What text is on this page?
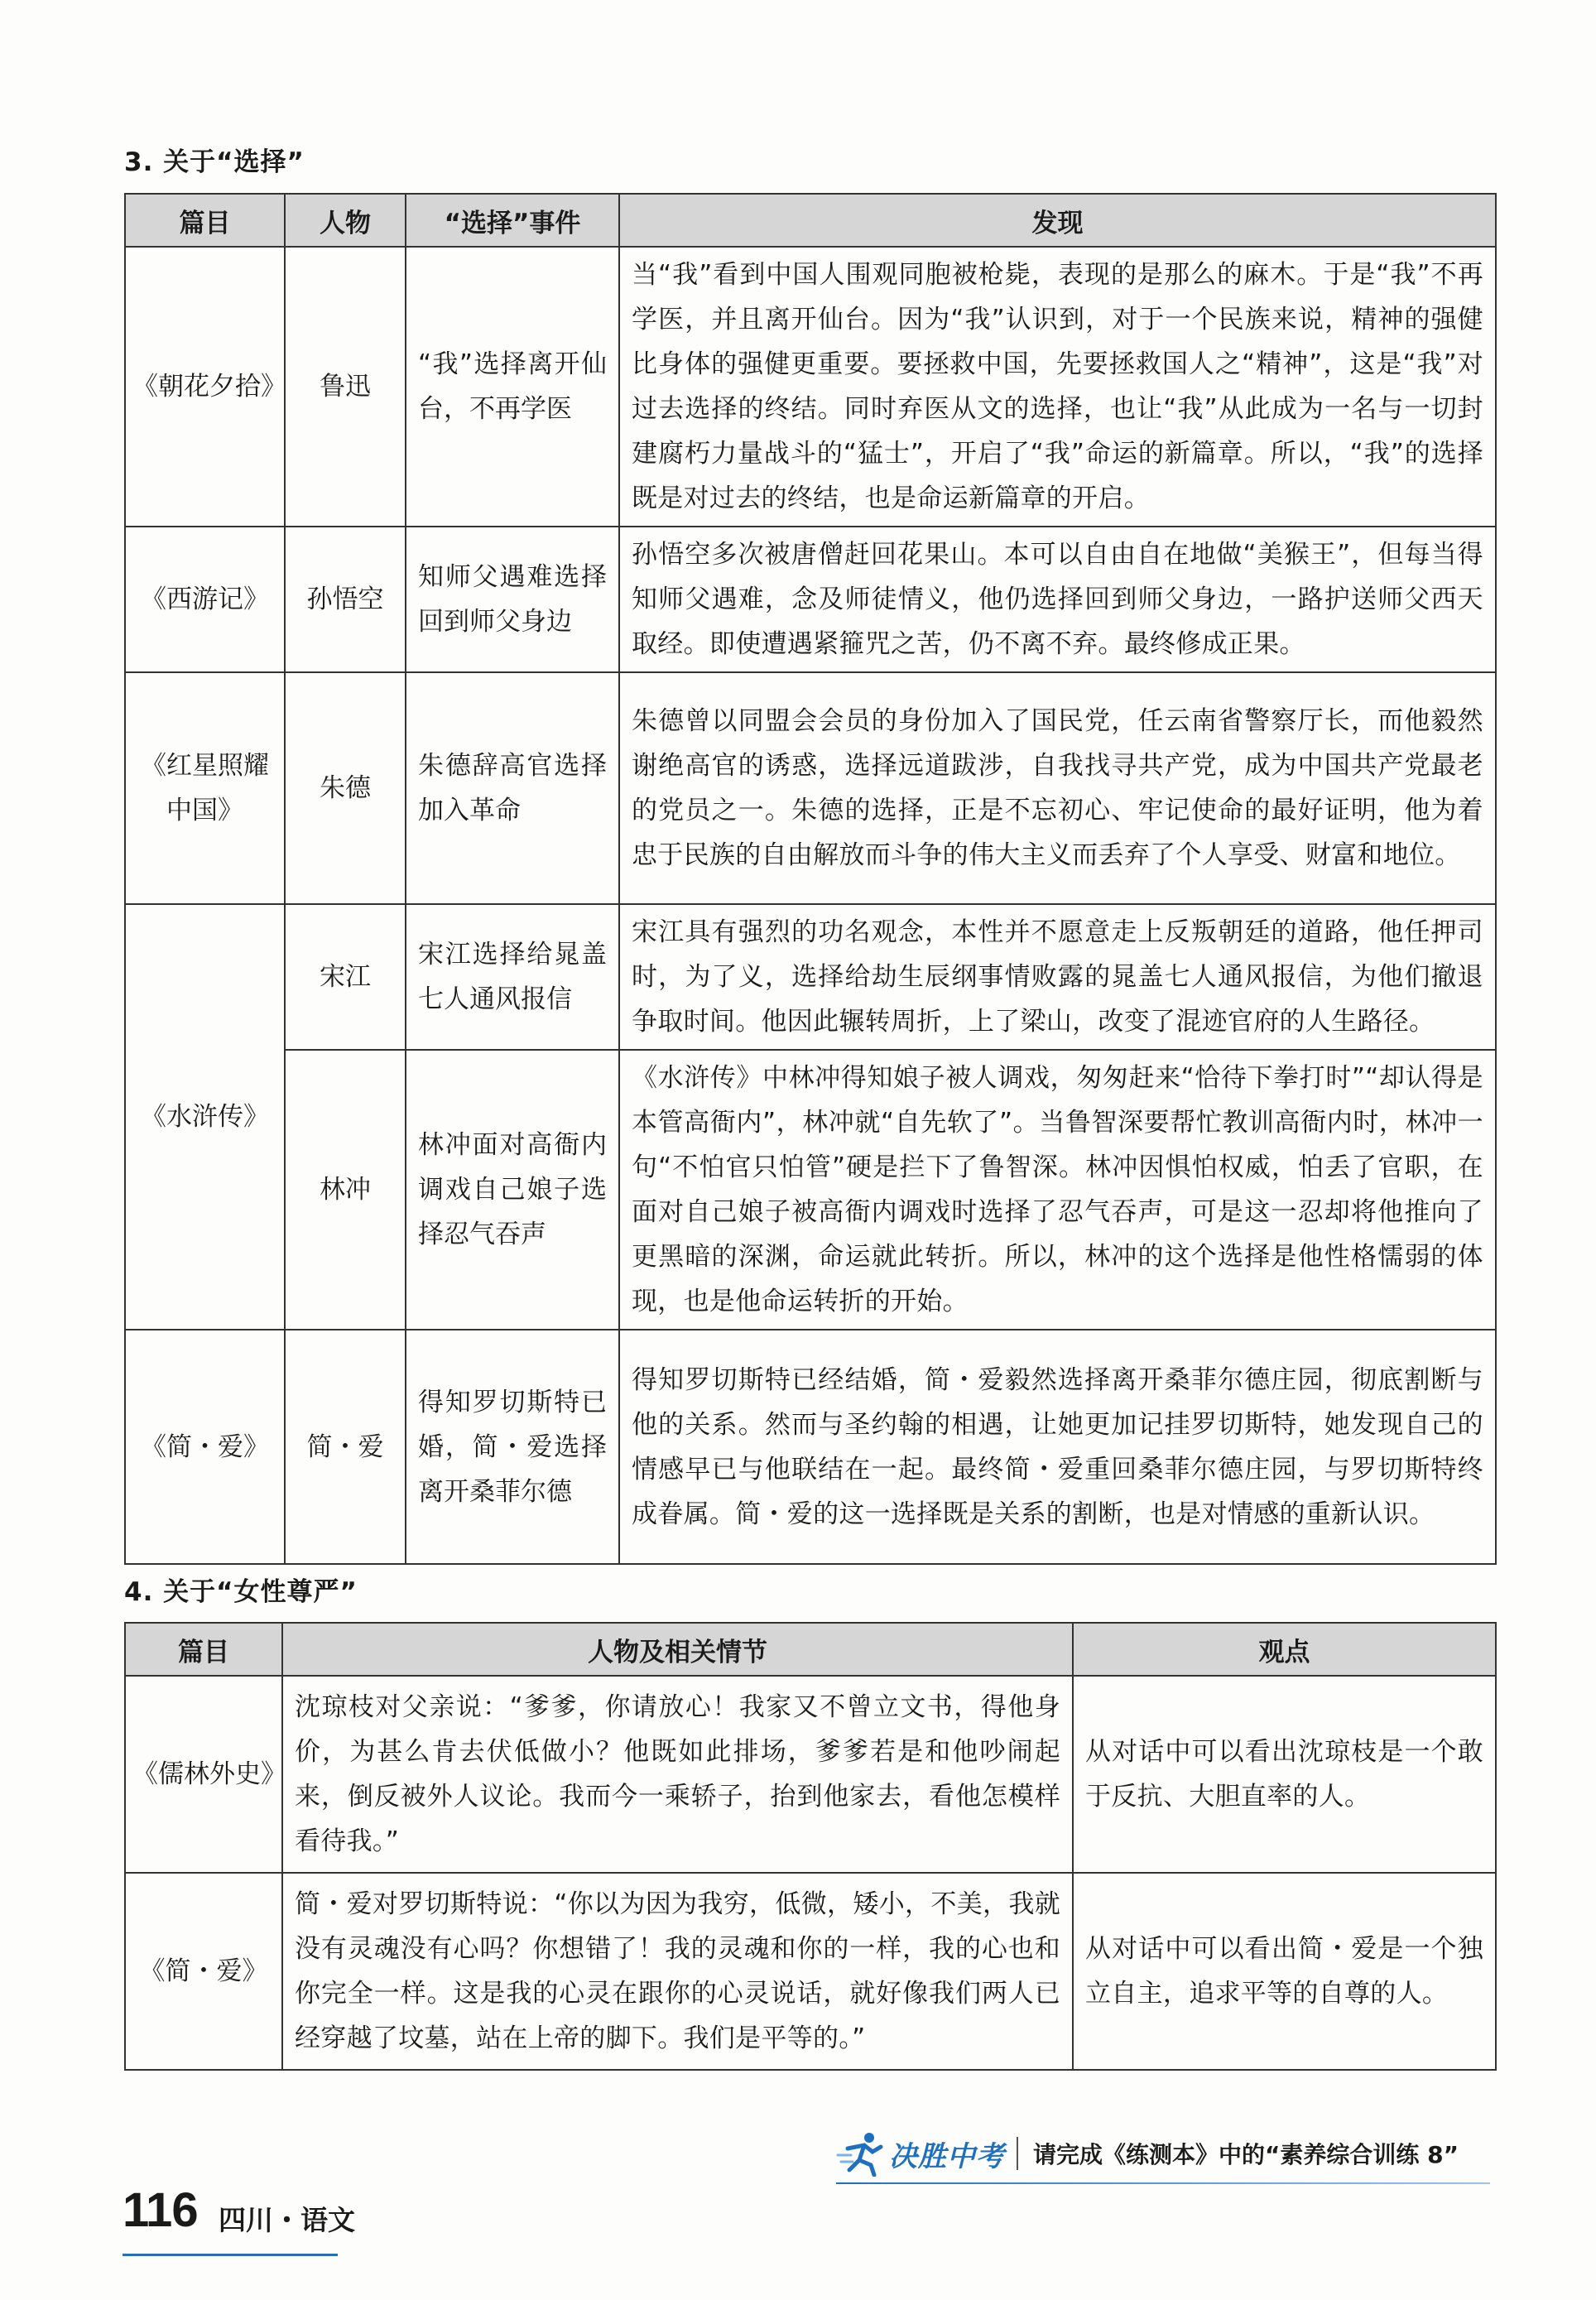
3. 关于“选择”
篇目	人物	“选择”事件	发现
《朝花夕拾》	鲁迅	“我”选择离开仙台，不再学医	当“我”看到中国人围观同胞被枪毙，表现的是那么的麻木。于是“我”不再学医，并且离开仙台。因为“我”认识到，对于一个民族来说，精神的强健比身体的强健更重要。要拯救中国，先要拯救国人之“精神”，这是“我”对过去选择的终结。同时弃医从文的选择，也让“我”从此成为一名与一切封建腐朽力量战斗的“猛士”，开启了“我”命运的新篇章。所以，“我”的选择既是对过去的终结，也是命运新篇章的开启。
《西游记》	孙悟空	知师父遇难选择回到师父身边	孙悟空多次被唐僧赶回花果山。本可以自由自在地做“美猴王”，但每当得知师父遇难，念及师徒情义，他仍选择回到师父身边，一路护送师父西天取经。即使遭遇紧箍咒之苦，仍不离不弃。最终修成正果。
《红星照耀中国》	朱德	朱德辞高官选择加入革命	朱德曾以同盟会会员的身份加入了国民党，任云南省警察厅长，而他毅然谢绝高官的诱惑，选择远道跋涉，自我找寻共产党，成为中国共产党最老的党员之一。朱德的选择，正是不忘初心、牢记使命的最好证明，他为着忠于民族的自由解放而斗争的伟大主义而丢弃了个人享受、财富和地位。
《水浒传》	宋江	宋江选择给晁盖七人通风报信	宋江具有强烈的功名观念，本性并不愿意走上反叛朝廷的道路，他任押司时，为了义，选择给劫生辰纲事情败露的晁盖七人通风报信，为他们撤退争取时间。他因此辗转周折，上了梁山，改变了混迹官府的人生路径。
	林冲	林冲面对高衙内调戏自己娘子选择忍气吞声	《水浒传》中林冲得知娘子被人调戏，匆匆赶来“恰待下拳打时”“却认得是本管高衙内”，林冲就“自先软了”。当鲁智深要帮忙教训高衙内时，林冲一句“不怕官只怕管”硬是拦下了鲁智深。林冲因惧怕权威，怕丢了官职，在面对自己娘子被高衙内调戏时选择了忍气吞声，可是这一忍却将他推向了更黑暗的深渊，命运就此转折。所以，林冲的这个选择是他性格懦弱的体现，也是他命运转折的开始。
《简・爱》	简・爱	得知罗切斯特已婚，简・爱选择离开桑菲尔德	得知罗切斯特已经结婚，简・爱毅然选择离开桑菲尔德庄园，彻底割断与他的关系。然而与圣约翰的相遇，让她更加记挂罗切斯特，她发现自己的情感早已与他联结在一起。最终简・爱重回桑菲尔德庄园，与罗切斯特终成眷属。简・爱的这一选择既是关系的割断，也是对情感的重新认识。
4. 关于“女性尊严”
篇目	人物及相关情节	观点
《儒林外史》	沈琼枝对父亲说：“爹爹，你请放心！我家又不曾立文书，得他身价，为甚么肯去伏低做小？他既如此排场，爹爹若是和他吵闹起来，倒反被外人议论。我而今一乘轿子，抬到他家去，看他怎模样看待我。”	从对话中可以看出沈琼枝是一个敢于反抗、大胆直率的人。
《简・爱》	简・爱对罗切斯特说：“你以为因为我穷，低微，矮小，不美，我就没有灵魂没有心吗？你想错了！我的灵魂和你的一样，我的心也和你完全一样。这是我的心灵在跟你的心灵说话，就好像我们两人已经穿越了坟墓，站在上帝的脚下。我们是平等的。”	从对话中可以看出简・爱是一个独立自主，追求平等的自尊的人。
决胜中考 请完成《练测本》中的“素养综合训练 8”
116 四川・语文
